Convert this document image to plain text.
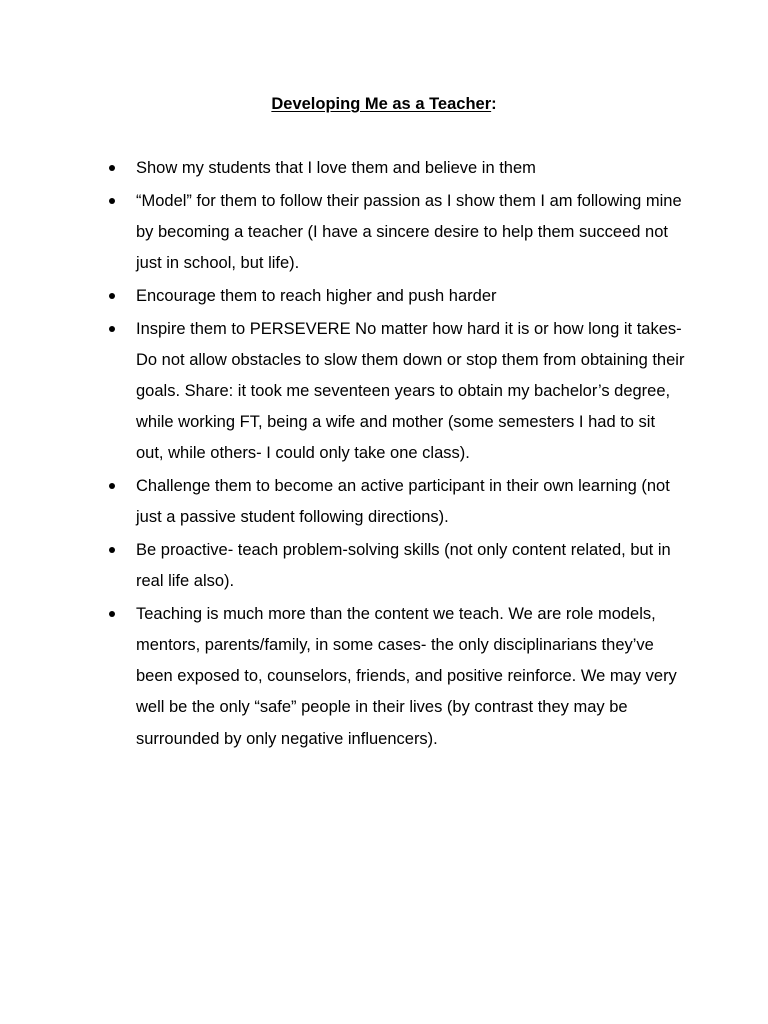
Developing Me as a Teacher:
Show my students that I love them and believe in them
“Model” for them to follow their passion as I show them I am following mine by becoming a teacher (I have a sincere desire to help them succeed not just in school, but life).
Encourage them to reach higher and push harder
Inspire them to PERSEVERE No matter how hard it is or how long it takes- Do not allow obstacles to slow them down or stop them from obtaining their goals. Share: it took me seventeen years to obtain my bachelor’s degree, while working FT, being a wife and mother (some semesters I had to sit out, while others- I could only take one class).
Challenge them to become an active participant in their own learning (not just a passive student following directions).
Be proactive- teach problem-solving skills (not only content related, but in real life also).
Teaching is much more than the content we teach. We are role models, mentors, parents/family, in some cases- the only disciplinarians they’ve been exposed to, counselors, friends, and positive reinforce. We may very well be the only “safe” people in their lives (by contrast they may be surrounded by only negative influencers).
